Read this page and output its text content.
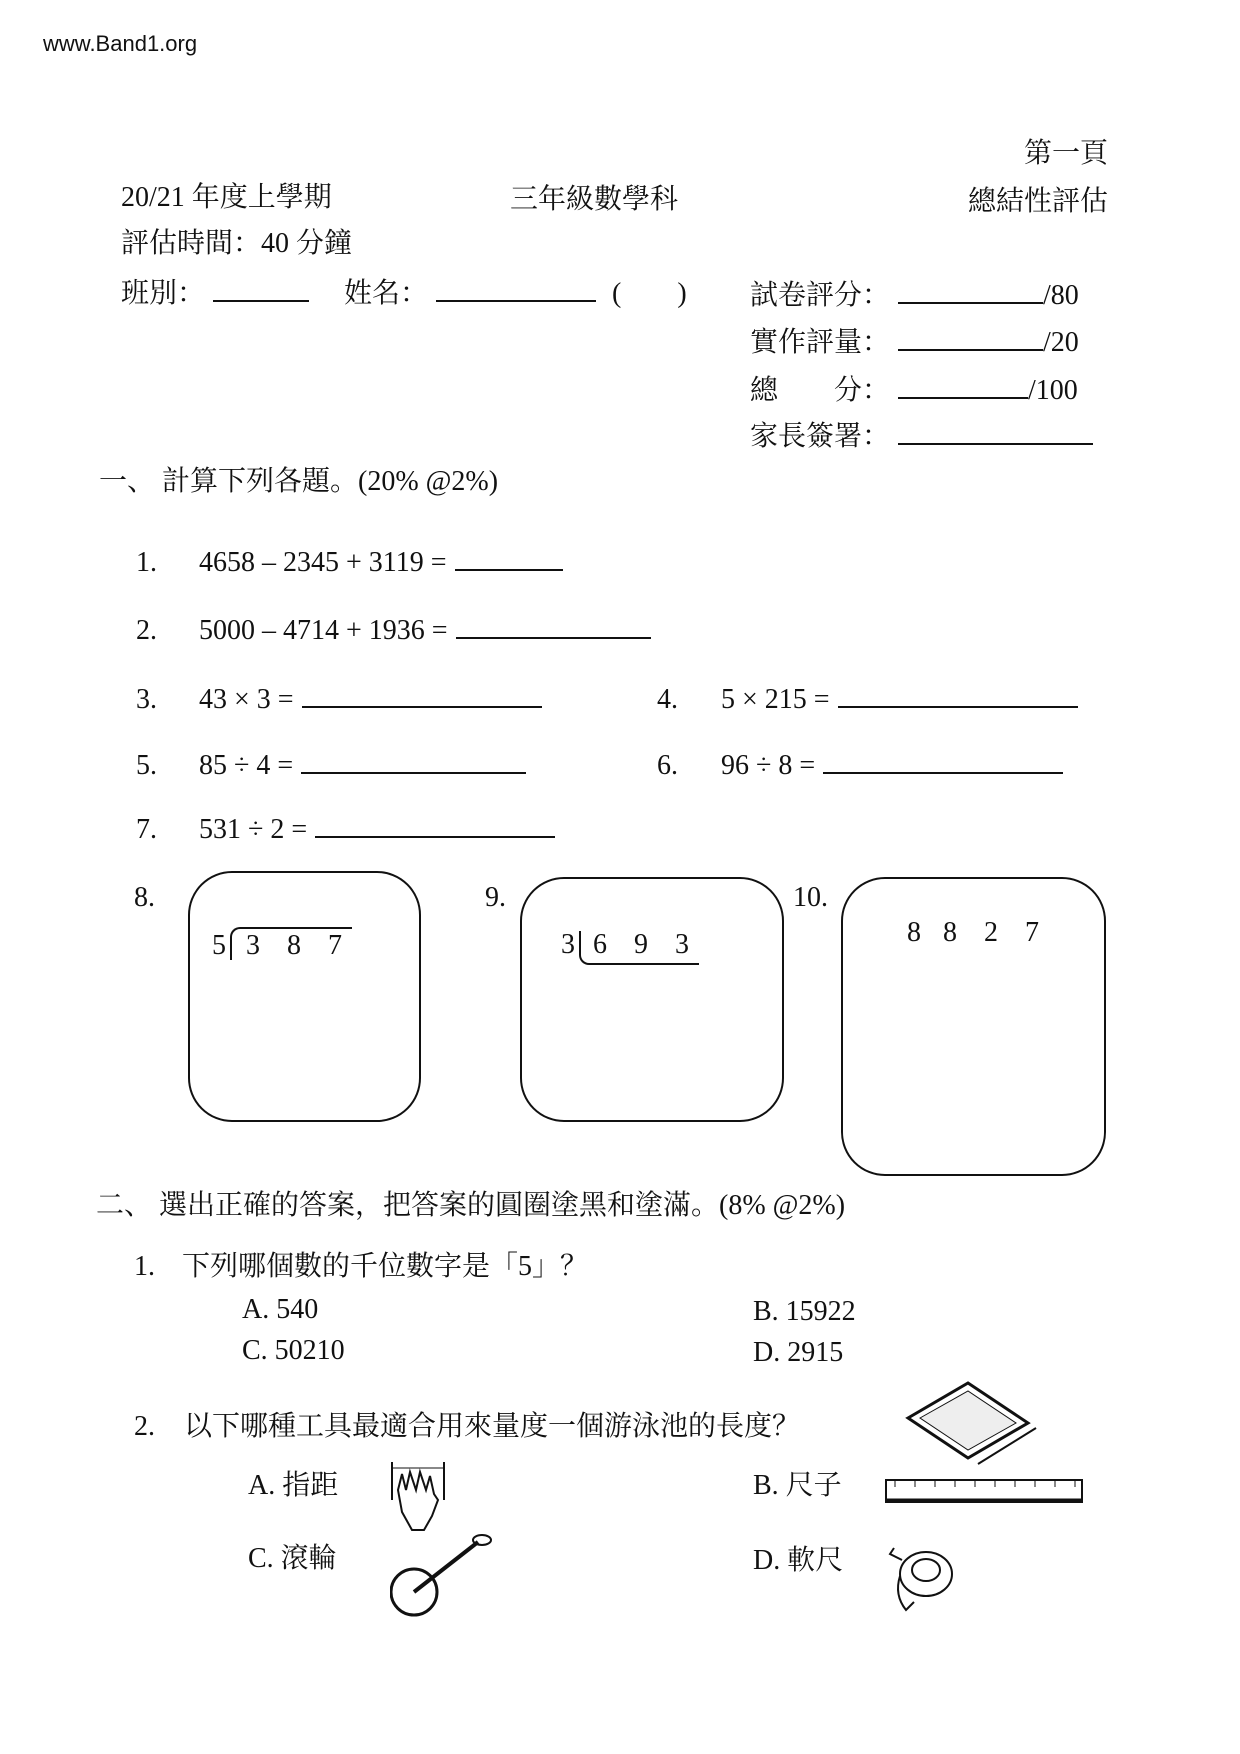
www.Band1.org
第一頁
20/21 年度上學期	三年級數學科	總結性評估
評估時間：40 分鐘
班別：	姓名：	(        ) 試卷評分：	/80
實作評量：	/20
總　　分：	/100
家長簽署：
一、 計算下列各題。(20% @2%)
1. 4658 – 2345 + 3119 =
2. 5000 – 4714 + 1936 =
3. 43 × 3 =	4. 5 × 215 =
5. 85 ÷ 4 =	6. 96 ÷ 8 =
7. 531 ÷ 2 =
8.
5 3 8 7
9.
3 6 9 3
10.
8 8 2 7
二、 選出正確的答案，把答案的圓圈塗黑和塗滿。(8% @2%)
1. 下列哪個數的千位數字是「5」？
A. 540	B. 15922
C. 50210	D. 2915
2. 以下哪種工具最適合用來量度一個游泳池的長度？
A. 指距	B. 尺子
C. 滾輪	D. 軟尺
